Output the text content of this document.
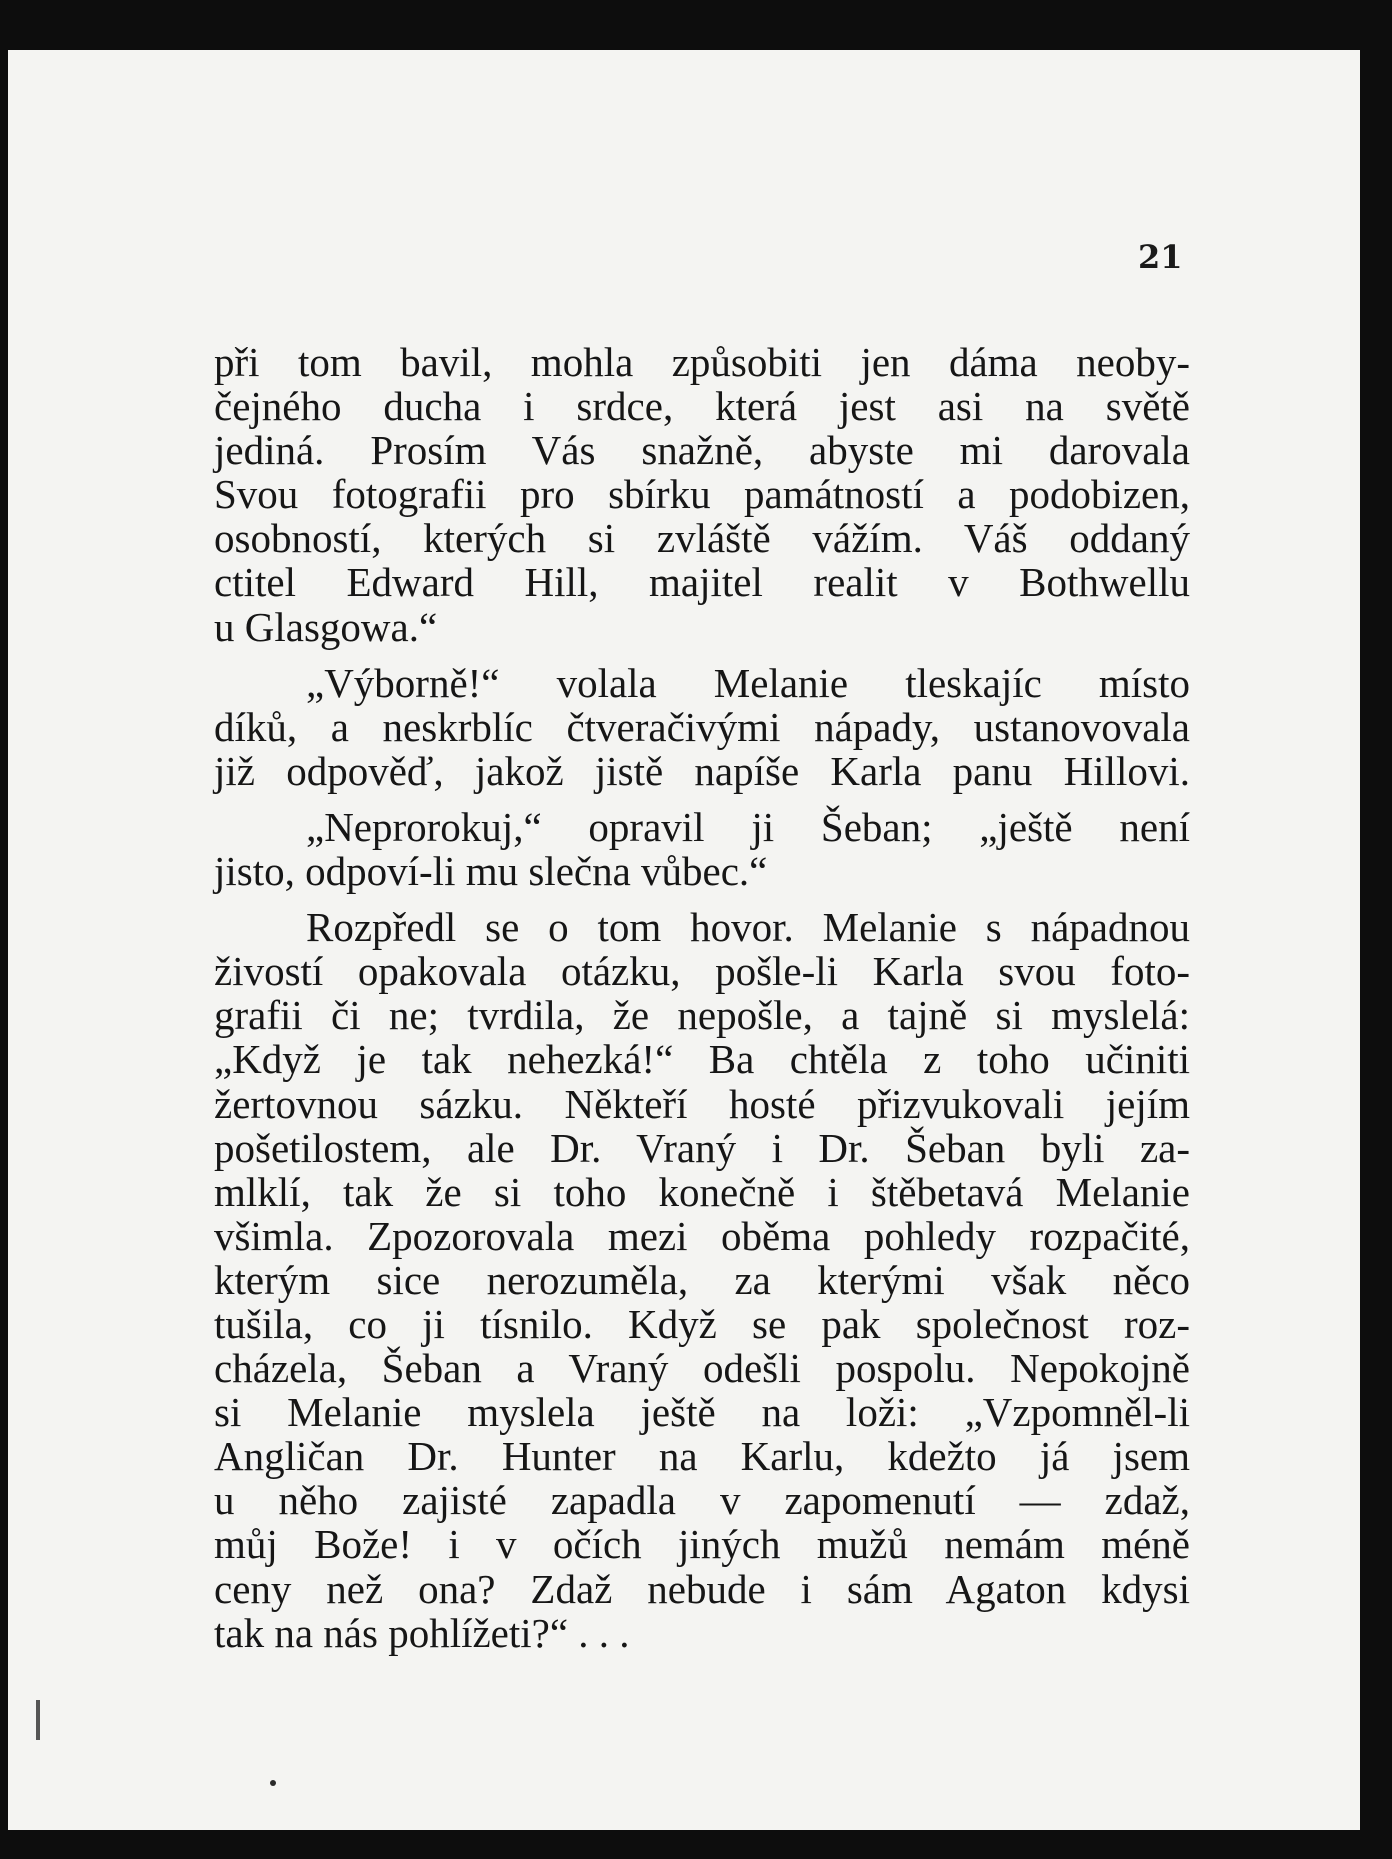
21

při tom bavil, mohla způsobiti jen dáma neoby-
čejného ducha i srdce, která jest asi na světě
jediná. Prosím Vás snažně, abyste mi darovala
Svou fotografii pro sbírku památností a podobizen,
osobností, kterých si zvláště vážím. Váš oddaný
ctitel Edward Hill, majitel realit v Bothwellu
u Glasgowa.“
„Výborně!“ volala Melanie tleskajíc místo
díků, a neskrblíc čtveračivými nápady, ustanovovala
již odpověď, jakož jistě napíše Karla panu Hillovi.
„Neprorokuj,“ opravil ji Šeban; „ještě není
jisto, odpoví-li mu slečna vůbec.“
Rozpředl se o tom hovor. Melanie s nápadnou
živostí opakovala otázku, pošle-li Karla svou foto-
grafii či ne; tvrdila, že nepošle, a tajně si myslelá:
„Když je tak nehezká!“ Ba chtěla z toho učiniti
žertovnou sázku. Někteří hosté přizvukovali jejím
pošetilostem, ale Dr. Vraný i Dr. Šeban byli za-
mlklí, tak že si toho konečně i štěbetavá Melanie
všimla. Zpozorovala mezi oběma pohledy rozpačité,
kterým sice nerozuměla, za kterými však něco
tušila, co ji tísnilo. Když se pak společnost roz-
cházela, Šeban a Vraný odešli pospolu. Nepokojně
si Melanie myslela ještě na loži: „Vzpomněl-li
Angličan Dr. Hunter na Karlu, kdežto já jsem
u něho zajisté zapadla v zapomenutí — zdaž,
můj Bože! i v očích jiných mužů nemám méně
ceny než ona? Zdaž nebude i sám Agaton kdysi
tak na nás pohlížeti?“ . . .
